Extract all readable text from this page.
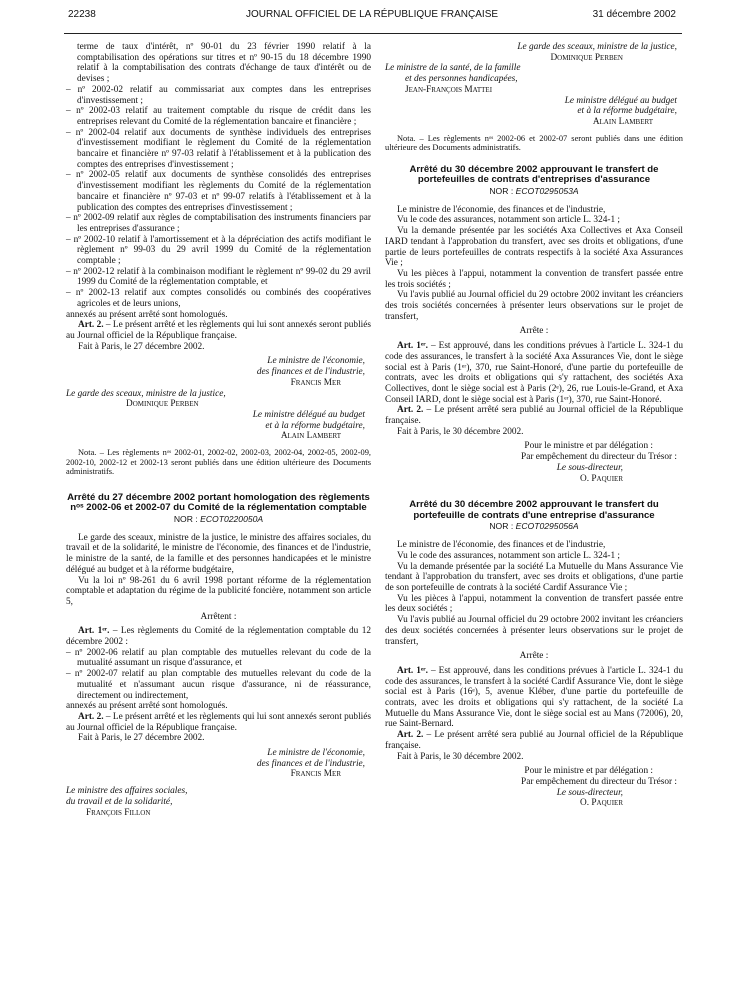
22238	JOURNAL OFFICIEL DE LA RÉPUBLIQUE FRANÇAISE	31 décembre 2002

terme de taux d'intérêt, nº 90-01 du 23 février 1990 relatif à la comptabilisation des opérations sur titres et nº 90-15 du 18 décembre 1990 relatif à la comptabilisation des contrats d'échange de taux d'intérêt ou de devises ;

– nº 2002-02 relatif au commissariat aux comptes dans les entreprises d'investissement ;

– nº 2002-03 relatif au traitement comptable du risque de crédit dans les entreprises relevant du Comité de la réglementation bancaire et financière ;

– nº 2002-04 relatif aux documents de synthèse individuels des entreprises d'investissement modifiant le règlement du Comité de la réglementation bancaire et financière nº 97-03 relatif à l'établissement et à la publication des comptes des entreprises d'investissement ;

– nº 2002-05 relatif aux documents de synthèse consolidés des entreprises d'investissement modifiant les règlements du Comité de la réglementation bancaire et financière nº 97-03 et nº 99-07 relatifs à l'établissement et à la publication des comptes des entreprises d'investissement ;

– nº 2002-09 relatif aux règles de comptabilisation des instruments financiers par les entreprises d'assurance ;

– nº 2002-10 relatif à l'amortissement et à la dépréciation des actifs modifiant le règlement nº 99-03 du 29 avril 1999 du Comité de la réglementation comptable ;

– nº 2002-12 relatif à la combinaison modifiant le règlement nº 99-02 du 29 avril 1999 du Comité de la réglementation comptable, et

– nº 2002-13 relatif aux comptes consolidés ou combinés des coopératives agricoles et de leurs unions,

annexés au présent arrêté sont homologués.

Art. 2. – Le présent arrêté et les règlements qui lui sont annexés seront publiés au Journal officiel de la République française.

Fait à Paris, le 27 décembre 2002.

Le ministre de l'économie,

des finances et de l'industrie,

Francis Mer

Le garde des sceaux, ministre de la justice,

Dominique Perben

Le ministre délégué au budget

et à la réforme budgétaire,

Alain Lambert

Nota. – Les règlements nᵒˢ 2002-01, 2002-02, 2002-03, 2002-04, 2002-05, 2002-09, 2002-10, 2002-12 et 2002-13 seront publiés dans une édition ultérieure des Documents administratifs.

Arrêté du 27 décembre 2002 portant homologation des règlements nᵒˢ 2002-06 et 2002-07 du Comité de la réglementation comptable

NOR : ECOT0220050A

Le garde des sceaux, ministre de la justice, le ministre des affaires sociales, du travail et de la solidarité, le ministre de l'économie, des finances et de l'industrie, le ministre de la santé, de la famille et des personnes handicapées et le ministre délégué au budget et à la réforme budgétaire,

Vu la loi nº 98-261 du 6 avril 1998 portant réforme de la réglementation comptable et adaptation du régime de la publicité foncière, notamment son article 5,

Arrêtent :

Art. 1ᵉʳ. – Les règlements du Comité de la réglementation comptable du 12 décembre 2002 :

– nº 2002-06 relatif au plan comptable des mutuelles relevant du code de la mutualité assumant un risque d'assurance, et

– nº 2002-07 relatif au plan comptable des mutuelles relevant du code de la mutualité et n'assumant aucun risque d'assurance, ni de réassurance, directement ou indirectement,

annexés au présent arrêté sont homologués.

Art. 2. – Le présent arrêté et les règlements qui lui sont annexés seront publiés au Journal officiel de la République française.

Fait à Paris, le 27 décembre 2002.

Le ministre de l'économie,

des finances et de l'industrie,

Francis Mer

Le ministre des affaires sociales,

du travail et de la solidarité,

François Fillon

Le garde des sceaux, ministre de la justice,

Dominique Perben

Le ministre de la santé, de la famille

et des personnes handicapées,

Jean-François Mattei

Le ministre délégué au budget

et à la réforme budgétaire,

Alain Lambert

Nota. – Les règlements nᵒˢ 2002-06 et 2002-07 seront publiés dans une édition ultérieure des Documents administratifs.

Arrêté du 30 décembre 2002 approuvant le transfert de portefeuilles de contrats d'entreprises d'assurance

NOR : ECOT0295053A

Le ministre de l'économie, des finances et de l'industrie,

Vu le code des assurances, notamment son article L. 324-1 ;

Vu la demande présentée par les sociétés Axa Collectives et Axa Conseil IARD tendant à l'approbation du transfert, avec ses droits et obligations, d'une partie de leurs portefeuilles de contrats respectifs à la société Axa Assurances Vie ;

Vu les pièces à l'appui, notamment la convention de transfert passée entre les trois sociétés ;

Vu l'avis publié au Journal officiel du 29 octobre 2002 invitant les créanciers des trois sociétés concernées à présenter leurs observations sur le projet de transfert,

Arrête :

Art. 1ᵉʳ. – Est approuvé, dans les conditions prévues à l'article L. 324-1 du code des assurances, le transfert à la société Axa Assurances Vie, dont le siège social est à Paris (1ᵉʳ), 370, rue Saint-Honoré, d'une partie du portefeuille de contrats, avec les droits et obligations qui s'y rattachent, des sociétés Axa Collectives, dont le siège social est à Paris (2ᵉ), 26, rue Louis-le-Grand, et Axa Conseil IARD, dont le siège social est à Paris (1ᵉʳ), 370, rue Saint-Honoré.

Art. 2. – Le présent arrêté sera publié au Journal officiel de la République française.

Fait à Paris, le 30 décembre 2002.

Pour le ministre et par délégation :

Par empêchement du directeur du Trésor :

Le sous-directeur,

O. Paquier

Arrêté du 30 décembre 2002 approuvant le transfert du portefeuille de contrats d'une entreprise d'assurance

NOR : ECOT0295056A

Le ministre de l'économie, des finances et de l'industrie,

Vu le code des assurances, notamment son article L. 324-1 ;

Vu la demande présentée par la société La Mutuelle du Mans Assurance Vie tendant à l'approbation du transfert, avec ses droits et obligations, d'une partie de son portefeuille de contrats à la société Cardif Assurance Vie ;

Vu les pièces à l'appui, notamment la convention de transfert passée entre les deux sociétés ;

Vu l'avis publié au Journal officiel du 29 octobre 2002 invitant les créanciers des deux sociétés concernées à présenter leurs observations sur le projet de transfert,

Arrête :

Art. 1ᵉʳ. – Est approuvé, dans les conditions prévues à l'article L. 324-1 du code des assurances, le transfert à la société Cardif Assurance Vie, dont le siège social est à Paris (16ᵉ), 5, avenue Kléber, d'une partie du portefeuille de contrats, avec les droits et obligations qui s'y rattachent, de la société La Mutuelle du Mans Assurance Vie, dont le siège social est au Mans (72006), 20, rue Saint-Bernard.

Art. 2. – Le présent arrêté sera publié au Journal officiel de la République française.

Fait à Paris, le 30 décembre 2002.

Pour le ministre et par délégation :

Par empêchement du directeur du Trésor :

Le sous-directeur,

O. Paquier
